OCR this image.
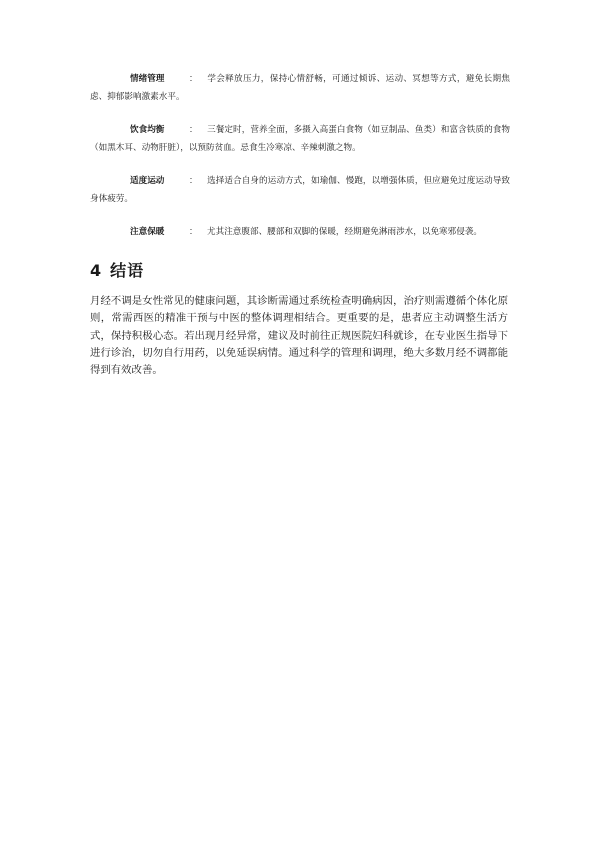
情绪管理	： 学会释放压力，保持心情舒畅，可通过倾诉、运动、冥想等方式，避免长期焦虑、抑郁影响激素水平。
饮食均衡	： 三餐定时，营养全面，多摄入高蛋白食物（如豆制品、鱼类）和富含铁质的食物（如黑木耳、动物肝脏），以预防贫血。忌食生冷寒凉、辛辣刺激之物。
适度运动	： 选择适合自身的运动方式，如瑜伽、慢跑，以增强体质，但应避免过度运动导致身体疲劳。
注意保暖	： 尤其注意腹部、腰部和双脚的保暖，经期避免淋雨涉水，以免寒邪侵袭。
4 结语

月经不调是女性常见的健康问题，其诊断需通过系统检查明确病因，治疗则需遵循个体化原则，常需西医的精准干预与中医的整体调理相结合。更重要的是，患者应主动调整生活方式，保持积极心态。若出现月经异常，建议及时前往正规医院妇科就诊，在专业医生指导下进行诊治，切勿自行用药，以免延误病情。通过科学的管理和调理，绝大多数月经不调都能得到有效改善。
